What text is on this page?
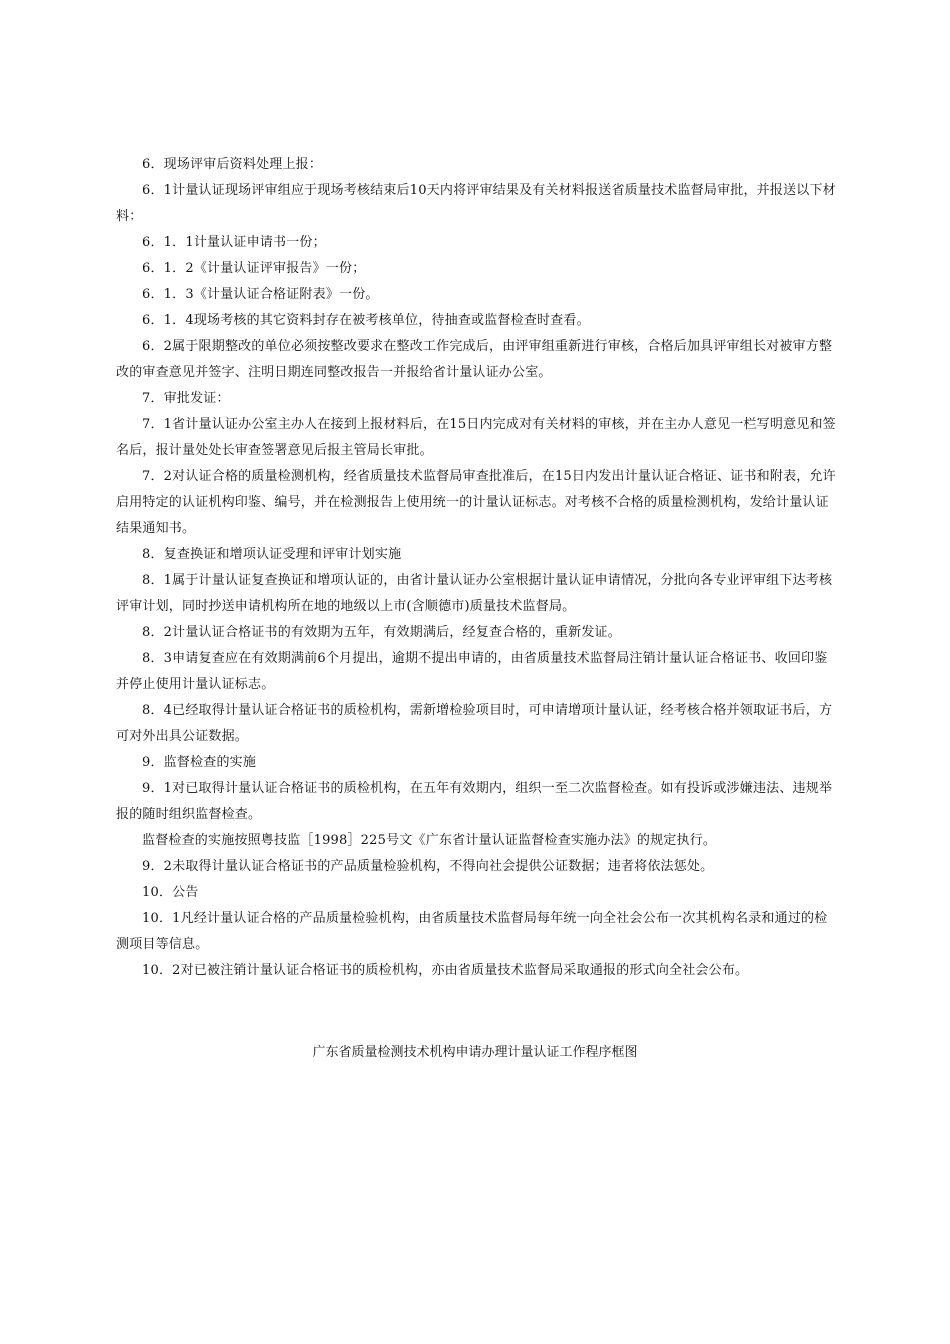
6．现场评审后资料处理上报：

6．1计量认证现场评审组应于现场考核结束后10天内将评审结果及有关材料报送省质量技术监督局审批，并报送以下材料：

6．1．1计量认证申请书一份；

6．1．2《计量认证评审报告》一份；

6．1．3《计量认证合格证附表》一份。

6．1．4现场考核的其它资料封存在被考核单位，待抽查或监督检查时查看。

6．2属于限期整改的单位必须按整改要求在整改工作完成后，由评审组重新进行审核，合格后加具评审组长对被审方整改的审查意见并签字、注明日期连同整改报告一并报给省计量认证办公室。

7．审批发证：

7．1省计量认证办公室主办人在接到上报材料后，在15日内完成对有关材料的审核，并在主办人意见一栏写明意见和签名后，报计量处处长审查签署意见后报主管局长审批。

7．2对认证合格的质量检测机构，经省质量技术监督局审查批准后，在15日内发出计量认证合格证、证书和附表，允许启用特定的认证机构印鉴、编号，并在检测报告上使用统一的计量认证标志。对考核不合格的质量检测机构，发给计量认证结果通知书。

8．复查换证和增项认证受理和评审计划实施

8．1属于计量认证复查换证和增项认证的，由省计量认证办公室根据计量认证申请情况，分批向各专业评审组下达考核评审计划，同时抄送申请机构所在地的地级以上市(含顺德市)质量技术监督局。

8．2计量认证合格证书的有效期为五年，有效期满后，经复查合格的，重新发证。

8．3申请复查应在有效期满前6个月提出，逾期不提出申请的，由省质量技术监督局注销计量认证合格证书、收回印鉴并停止使用计量认证标志。

8．4已经取得计量认证合格证书的质检机构，需新增检验项目时，可申请增项计量认证，经考核合格并领取证书后，方可对外出具公证数据。

9．监督检查的实施

9．1对已取得计量认证合格证书的质检机构，在五年有效期内，组织一至二次监督检查。如有投诉或涉嫌违法、违规举报的随时组织监督检查。

监督检查的实施按照粤技监［1998］225号文《广东省计量认证监督检查实施办法》的规定执行。

9．2未取得计量认证合格证书的产品质量检验机构，不得向社会提供公证数据；违者将依法惩处。

10．公告

10．1凡经计量认证合格的产品质量检验机构，由省质量技术监督局每年统一向全社会公布一次其机构名录和通过的检测项目等信息。

10．2对已被注销计量认证合格证书的质检机构，亦由省质量技术监督局采取通报的形式向全社会公布。

广东省质量检测技术机构申请办理计量认证工作程序框图
